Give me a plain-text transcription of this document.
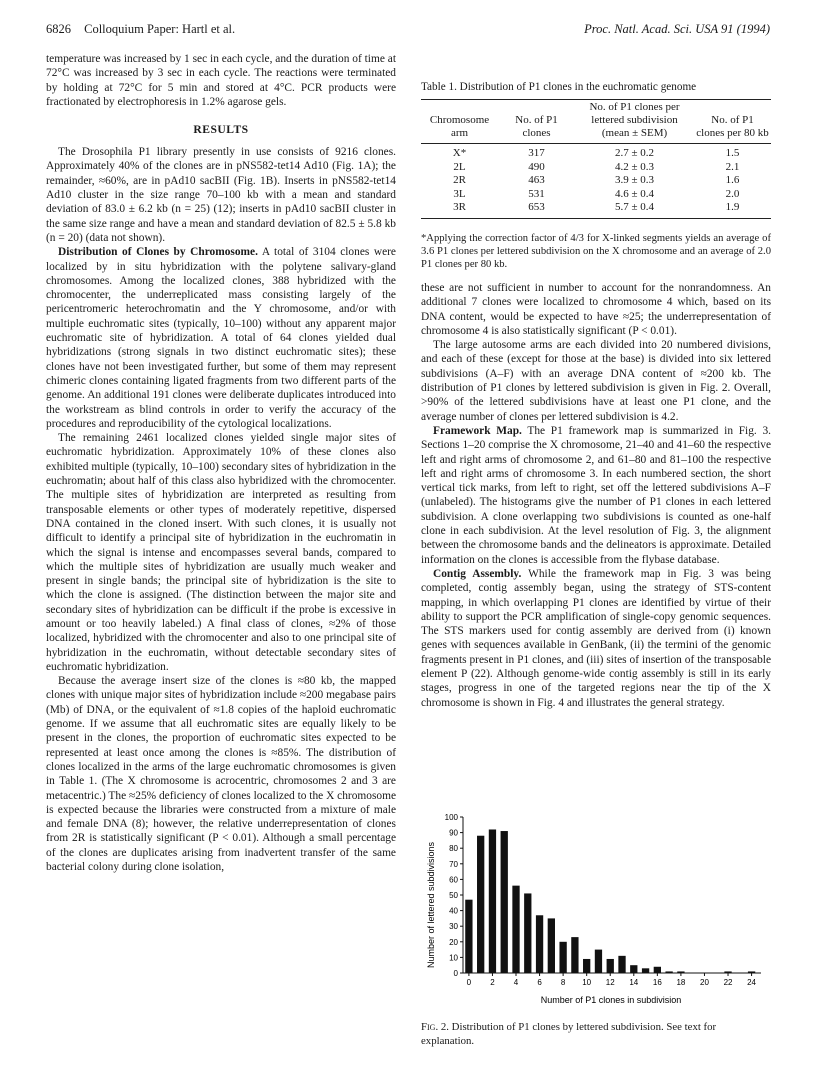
6826 Colloquium Paper: Hartl et al.	Proc. Natl. Acad. Sci. USA 91 (1994)

temperature was increased by 1 sec in each cycle, and the duration of time at 72°C was increased by 3 sec in each cycle. The reactions were terminated by holding at 72°C for 5 min and stored at 4°C. PCR products were fractionated by electrophoresis in 1.2% agarose gels.

RESULTS

The Drosophila P1 library presently in use consists of 9216 clones. Approximately 40% of the clones are in pNS582-tet14 Ad10 (Fig. 1A); the remainder, ≈60%, are in pAd10 sacBII (Fig. 1B). Inserts in pNS582-tet14 Ad10 cluster in the size range 70–100 kb with a mean and standard deviation of 83.0 ± 6.2 kb (n = 25) (12); inserts in pAd10 sacBII cluster in the same size range and have a mean and standard deviation of 82.5 ± 5.8 kb (n = 20) (data not shown).

Distribution of Clones by Chromosome. A total of 3104 clones were localized by in situ hybridization with the polytene salivary-gland chromosomes. Among the localized clones, 388 hybridized with the chromocenter, the underreplicated mass consisting largely of the pericentromeric heterochromatin and the Y chromosome, and/or with multiple euchromatic sites (typically, 10–100) without any apparent major euchromatic site of hybridization. A total of 64 clones yielded dual hybridizations (strong signals in two distinct euchromatic sites); these clones have not been investigated further, but some of them may represent chimeric clones containing ligated fragments from two different parts of the genome. An additional 191 clones were deliberate duplicates introduced into the workstream as blind controls in order to verify the accuracy of the procedures and reproducibility of the cytological localizations.

The remaining 2461 localized clones yielded single major sites of euchromatic hybridization. Approximately 10% of these clones also exhibited multiple (typically, 10–100) secondary sites of hybridization in the euchromatin; about half of this class also hybridized with the chromocenter. The multiple sites of hybridization are interpreted as resulting from transposable elements or other types of moderately repetitive, dispersed DNA contained in the cloned insert. With such clones, it is usually not difficult to identify a principal site of hybridization in the euchromatin in which the signal is intense and encompasses several bands, compared to which the multiple sites of hybridization are usually much weaker and present in single bands; the principal site of hybridization is the site to which the clone is assigned. (The distinction between the major site and secondary sites of hybridization can be difficult if the probe is excessive in amount or too heavily labeled.) A final class of clones, ≈2% of those localized, hybridized with the chromocenter and also to one principal site of hybridization in the euchromatin, without detectable secondary sites of euchromatic hybridization.

Because the average insert size of the clones is ≈80 kb, the mapped clones with unique major sites of hybridization include ≈200 megabase pairs (Mb) of DNA, or the equivalent of ≈1.8 copies of the haploid euchromatic genome. If we assume that all euchromatic sites are equally likely to be present in the clones, the proportion of euchromatic sites expected to be represented at least once among the clones is ≈85%. The distribution of clones localized in the arms of the large euchromatic chromosomes is given in Table 1. (The X chromosome is acrocentric, chromosomes 2 and 3 are metacentric.) The ≈25% deficiency of clones localized to the X chromosome is expected because the libraries were constructed from a mixture of male and female DNA (8); however, the relative underrepresentation of clones from 2R is statistically significant (P < 0.01). Although a small percentage of the clones are duplicates arising from inadvertent transfer of the same bacterial colony during clone isolation,

Table 1. Distribution of P1 clones in the euchromatic genome
Chromosome arm	No. of P1 clones	No. of P1 clones per lettered subdivision (mean ± SEM)	No. of P1 clones per 80 kb
X*	317	2.7 ± 0.2	1.5
2L	490	4.2 ± 0.3	2.1
2R	463	3.9 ± 0.3	1.6
3L	531	4.6 ± 0.4	2.0
3R	653	5.7 ± 0.4	1.9
*Applying the correction factor of 4/3 for X-linked segments yields an average of 3.6 P1 clones per lettered subdivision on the X chromosome and an average of 2.0 P1 clones per 80 kb.

these are not sufficient in number to account for the nonrandomness. An additional 7 clones were localized to chromosome 4 which, based on its DNA content, would be expected to have ≈25; the underrepresentation of chromosome 4 is also statistically significant (P < 0.01).

The large autosome arms are each divided into 20 numbered divisions, and each of these (except for those at the base) is divided into six lettered subdivisions (A–F) with an average DNA content of ≈200 kb. The distribution of P1 clones by lettered subdivision is given in Fig. 2. Overall, >90% of the lettered subdivisions have at least one P1 clone, and the average number of clones per lettered subdivision is 4.2.

Framework Map. The P1 framework map is summarized in Fig. 3. Sections 1–20 comprise the X chromosome, 21–40 and 41–60 the respective left and right arms of chromosome 2, and 61–80 and 81–100 the respective left and right arms of chromosome 3. In each numbered section, the short vertical tick marks, from left to right, set off the lettered subdivisions A–F (unlabeled). The histograms give the number of P1 clones in each lettered subdivision. A clone overlapping two subdivisions is counted as one-half clone in each subdivision. At the level resolution of Fig. 3, the alignment between the chromosome bands and the delineators is approximate. Detailed information on the clones is accessible from the flybase database.

Contig Assembly. While the framework map in Fig. 3 was being completed, contig assembly began, using the strategy of STS-content mapping, in which overlapping P1 clones are identified by virtue of their ability to support the PCR amplification of single-copy genomic sequences. The STS markers used for contig assembly are derived from (i) known genes with sequences available in GenBank, (ii) the termini of the genomic fragments present in P1 clones, and (iii) sites of insertion of the transposable element P (22). Although genome-wide contig assembly is still in its early stages, progress in one of the targeted regions near the tip of the X chromosome is shown in Fig. 4 and illustrates the general strategy.

0
10
20
30
40
50
60
70
80
90
100
0 2 4 6 8 10 12 14 16 18 20 22 24
Number of lettered subdivisions
Number of P1 clones in subdivision
Fig. 2. Distribution of P1 clones by lettered subdivision. See text for explanation.
